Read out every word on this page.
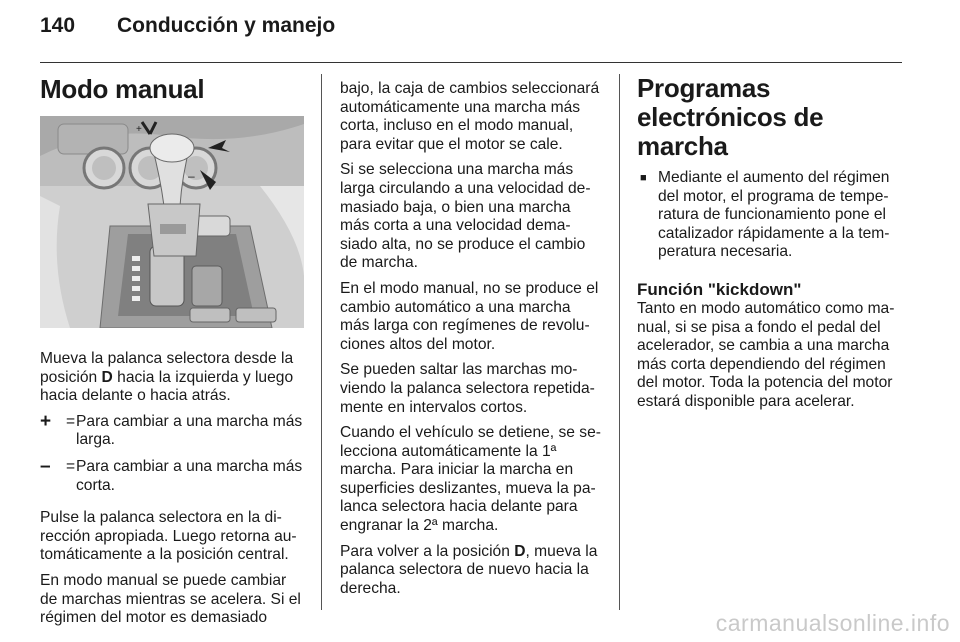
140 Conducción y manejo
Modo manual
+
–

Mueva la palanca selectora desde la posición D hacia la izquierda y luego hacia delante o hacia atrás.

+ = Para cambiar a una marcha más larga.
– = Para cambiar a una marcha más corta.

Pulse la palanca selectora en la dirección apropiada. Luego retorna automáticamente a la posición central.

En modo manual se puede cambiar de marchas mientras se acelera. Si el régimen del motor es demasiado

bajo, la caja de cambios seleccionará automáticamente una marcha más corta, incluso en el modo manual, para evitar que el motor se cale.

Si se selecciona una marcha más larga circulando a una velocidad demasiado baja, o bien una marcha más corta a una velocidad demasiado alta, no se produce el cambio de marcha.

En el modo manual, no se produce el cambio automático a una marcha más larga con regímenes de revoluciones altos del motor.

Se pueden saltar las marchas moviendo la palanca selectora repetidamente en intervalos cortos.

Cuando el vehículo se detiene, se selecciona automáticamente la 1ª marcha. Para iniciar la marcha en superficies deslizantes, mueva la palanca selectora hacia delante para engranar la 2ª marcha.

Para volver a la posición D, mueva la palanca selectora de nuevo hacia la derecha.

Programas electrónicos de marcha
■ Mediante el aumento del régimen del motor, el programa de temperatura de funcionamiento pone el catalizador rápidamente a la temperatura necesaria.
Función "kickdown"

Tanto en modo automático como manual, si se pisa a fondo el pedal del acelerador, se cambia a una marcha más corta dependiendo del régimen del motor. Toda la potencia del motor estará disponible para acelerar.

carmanualsonline.info
